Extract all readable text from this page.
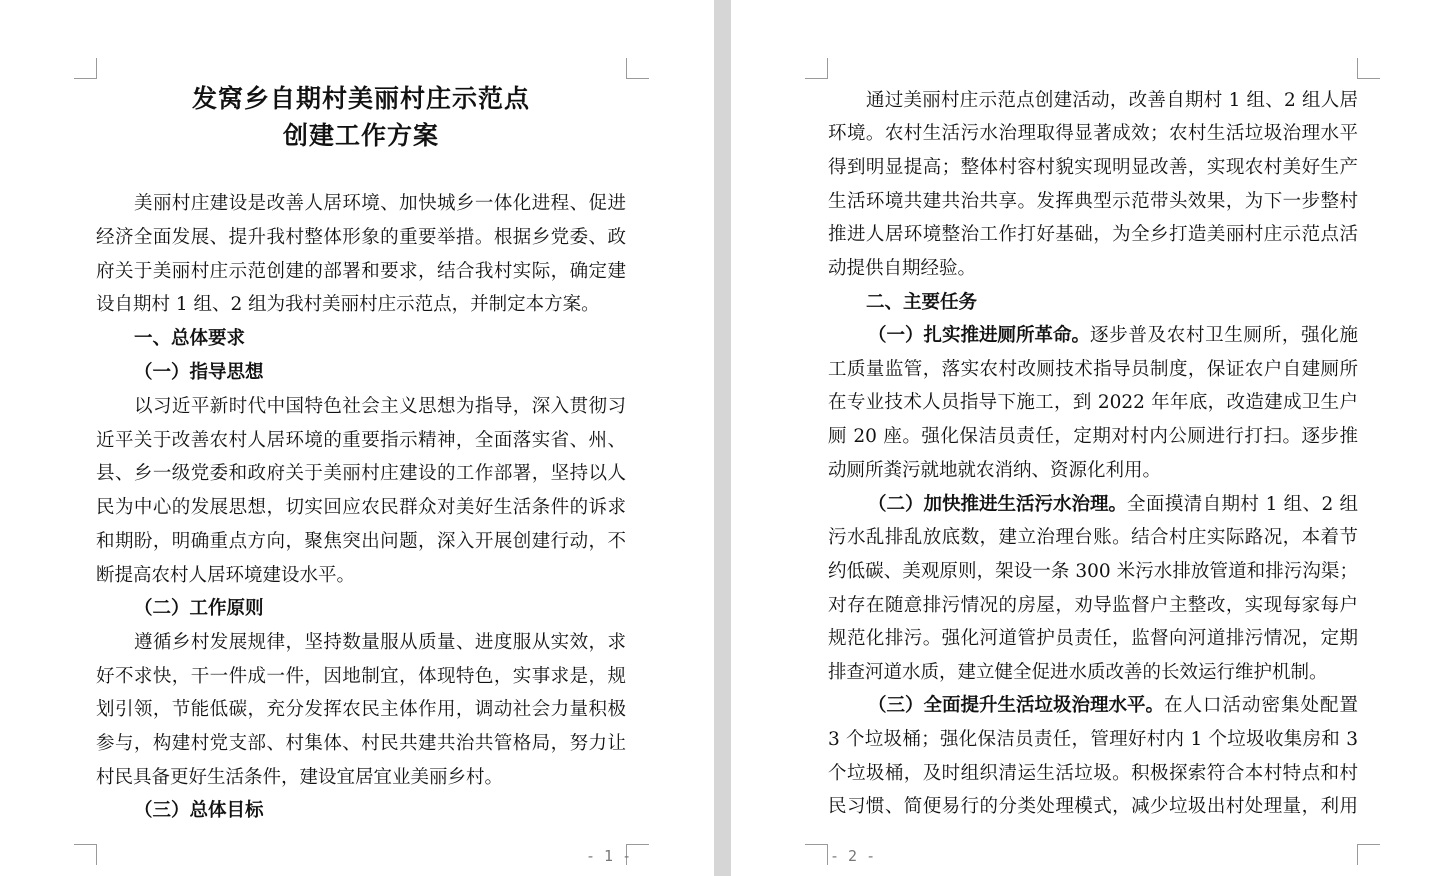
发窝乡自期村美丽村庄示范点
创建工作方案
美丽村庄建设是改善人居环境、加快城乡一体化进程、促进
经济全面发展、提升我村整体形象的重要举措。根据乡党委、政
府关于美丽村庄示范创建的部署和要求，结合我村实际，确定建
设自期村 1 组、2 组为我村美丽村庄示范点，并制定本方案。
一、总体要求
（一）指导思想
以习近平新时代中国特色社会主义思想为指导，深入贯彻习
近平关于改善农村人居环境的重要指示精神，全面落实省、州、
县、乡一级党委和政府关于美丽村庄建设的工作部署，坚持以人
民为中心的发展思想，切实回应农民群众对美好生活条件的诉求
和期盼，明确重点方向，聚焦突出问题，深入开展创建行动，不
断提高农村人居环境建设水平。
（二）工作原则
遵循乡村发展规律，坚持数量服从质量、进度服从实效，求
好不求快，干一件成一件，因地制宜，体现特色，实事求是，规
划引领，节能低碳，充分发挥农民主体作用，调动社会力量积极
参与，构建村党支部、村集体、村民共建共治共管格局，努力让
村民具备更好生活条件，建设宜居宜业美丽乡村。
（三）总体目标
- 1 -
通过美丽村庄示范点创建活动，改善自期村 1 组、2 组人居
环境。农村生活污水治理取得显著成效；农村生活垃圾治理水平
得到明显提高；整体村容村貌实现明显改善，实现农村美好生产
生活环境共建共治共享。发挥典型示范带头效果，为下一步整村
推进人居环境整治工作打好基础，为全乡打造美丽村庄示范点活
动提供自期经验。
二、主要任务
（一）扎实推进厕所革命。 逐步普及农村卫生厕所，强化施
工质量监管，落实农村改厕技术指导员制度，保证农户自建厕所
在专业技术人员指导下施工，到 2022 年年底，改造建成卫生户
厕 20 座。强化保洁员责任，定期对村内公厕进行打扫。逐步推
动厕所粪污就地就农消纳、资源化利用。
（二）加快推进生活污水治理。 全面摸清自期村 1 组、2 组
污水乱排乱放底数，建立治理台账。结合村庄实际路况，本着节
约低碳、美观原则，架设一条 300 米污水排放管道和排污沟渠；
对存在随意排污情况的房屋，劝导监督户主整改，实现每家每户
规范化排污。强化河道管护员责任，监督向河道排污情况，定期
排查河道水质，建立健全促进水质改善的长效运行维护机制。
（三）全面提升生活垃圾治理水平。 在人口活动密集处配置
3 个垃圾桶；强化保洁员责任，管理好村内 1 个垃圾收集房和 3
个垃圾桶，及时组织清运生活垃圾。积极探索符合本村特点和村
民习惯、简便易行的分类处理模式，减少垃圾出村处理量，利用
- 2 -
